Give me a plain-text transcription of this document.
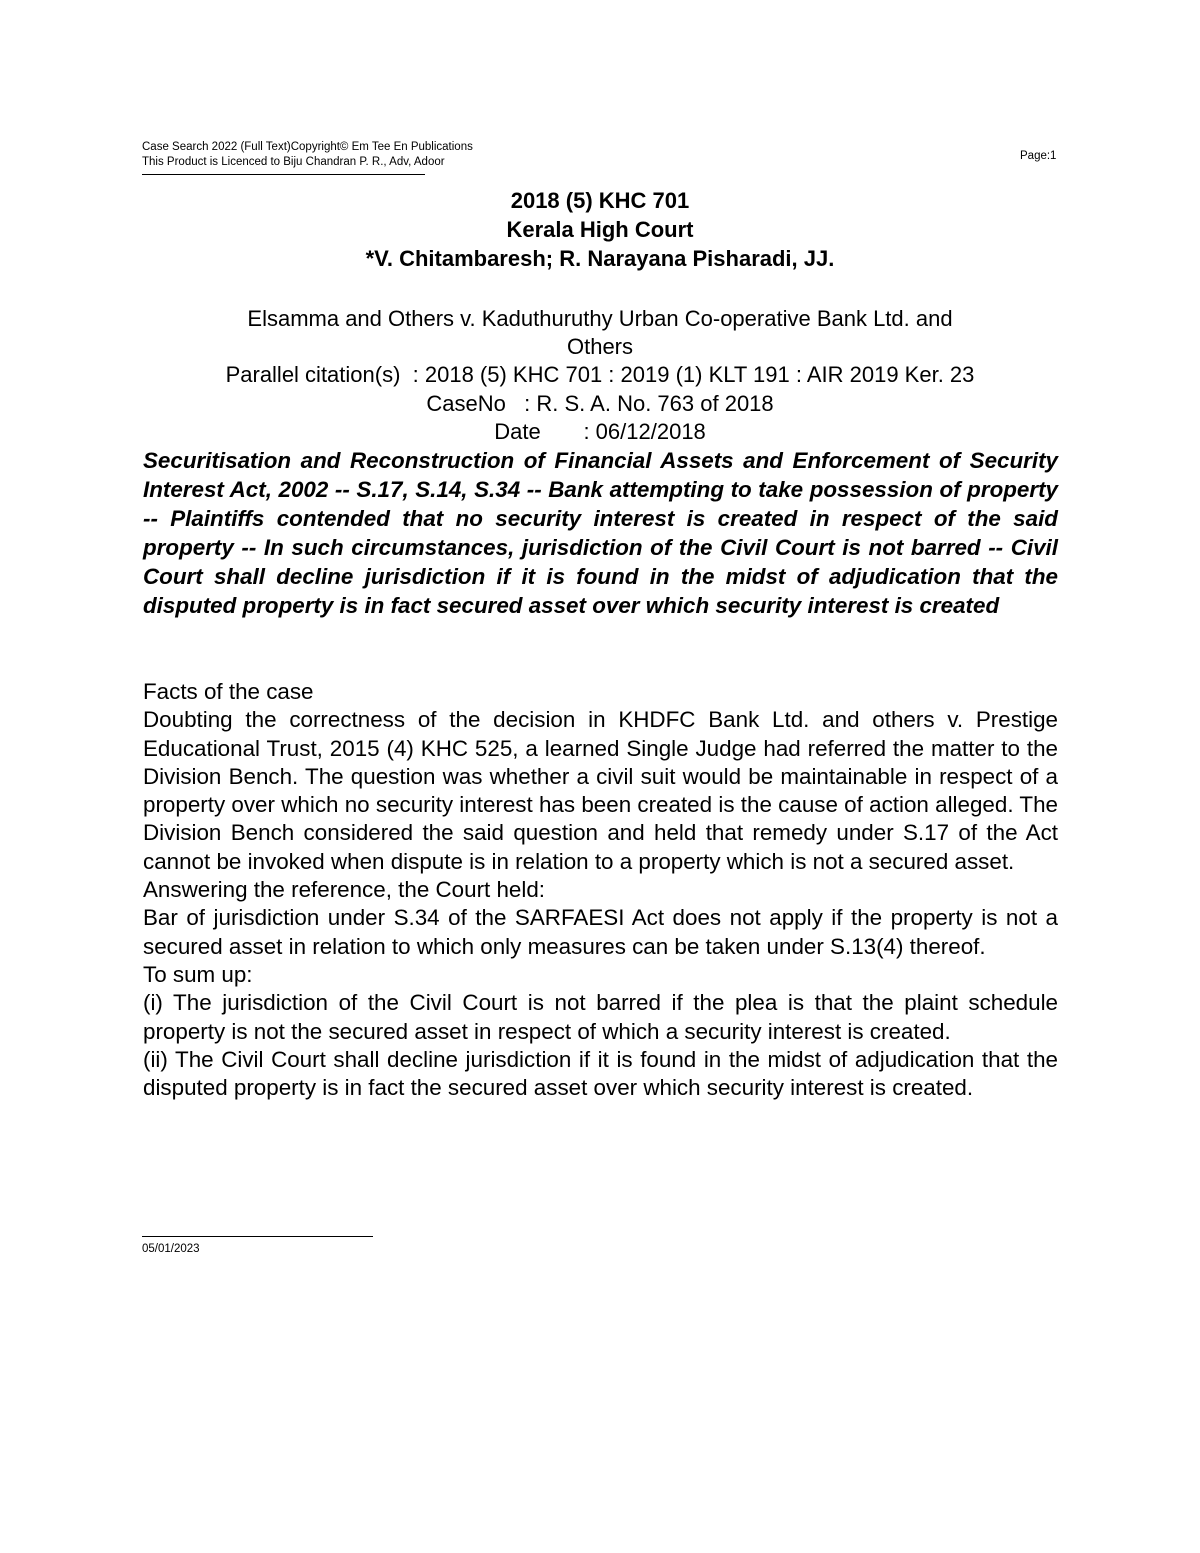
Case Search 2022 (Full Text)Copyright© Em Tee En Publications
This Product is Licenced to Biju Chandran P. R., Adv, Adoor	Page:1
2018 (5) KHC 701
Kerala High Court
*V. Chitambaresh; R. Narayana Pisharadi, JJ.
Elsamma and Others v. Kaduthuruthy Urban Co-operative Bank Ltd. and
Others
Parallel citation(s)  : 2018 (5) KHC 701 : 2019 (1) KLT 191 : AIR 2019 Ker. 23
CaseNo   : R. S. A. No. 763 of 2018
Date       : 06/12/2018
Securitisation and Reconstruction of Financial Assets and Enforcement of Security Interest Act, 2002 -- S.17, S.14, S.34 -- Bank attempting to take possession of property -- Plaintiffs contended that no security interest is created in respect of the said property -- In such circumstances, jurisdiction of the Civil Court is not barred -- Civil Court shall decline jurisdiction if it is found in the midst of adjudication that the disputed property is in fact secured asset over which security interest is created

Facts of the case

Doubting the correctness of the decision in KHDFC Bank Ltd. and others v. Prestige Educational Trust, 2015 (4) KHC 525, a learned Single Judge had referred the matter to the Division Bench. The question was whether a civil suit would be maintainable in respect of a property over which no security interest has been created is the cause of action alleged. The Division Bench considered the said question and held that remedy under S.17 of the Act cannot be invoked when dispute is in relation to a property which is not a secured asset.

Answering the reference, the Court held:

Bar of jurisdiction under S.34 of the SARFAESI Act does not apply if the property is not a secured asset in relation to which only measures can be taken under S.13(4) thereof.

To sum up:

(i) The jurisdiction of the Civil Court is not barred if the plea is that the plaint schedule property is not the secured asset in respect of which a security interest is created.

(ii) The Civil Court shall decline jurisdiction if it is found in the midst of adjudication that the disputed property is in fact the secured asset over which security interest is created.

05/01/2023
